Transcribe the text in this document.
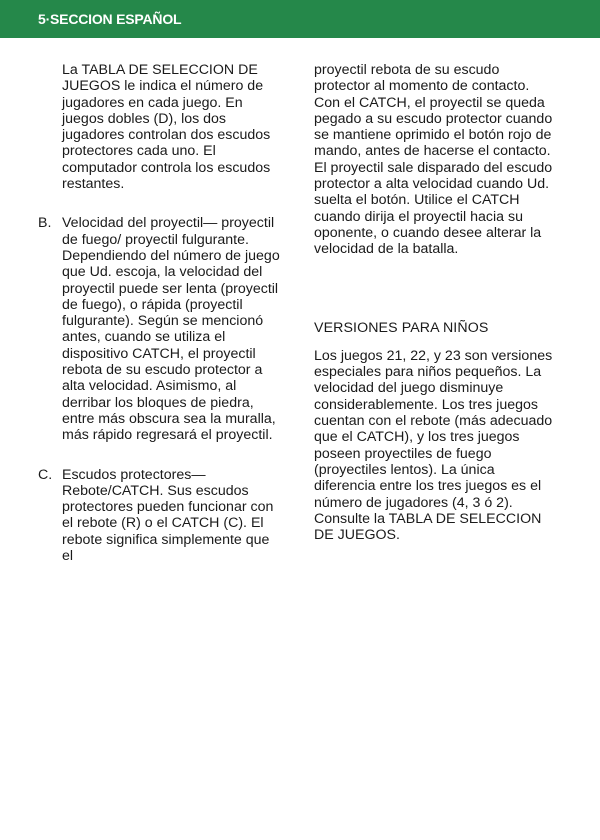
5·SECCION ESPAÑOL

La TABLA DE SELECCION DE JUEGOS le indica el número de jugadores en cada juego. En juegos dobles (D), los dos jugadores controlan dos escudos protectores cada uno. El computador controla los escudos restantes.

B. Velocidad del proyectil— proyectil de fuego/ proyectil fulgurante. Dependiendo del número de juego que Ud. escoja, la velocidad del proyectil puede ser lenta (proyectil de fuego), o rápida (proyectil fulgurante). Según se mencionó antes, cuando se utiliza el dispositivo CATCH, el proyectil rebota de su escudo protector a alta velocidad. Asimismo, al derribar los bloques de piedra, entre más obscura sea la muralla, más rápido regresará el proyectil.

C. Escudos protectores— Rebote/CATCH. Sus escudos protectores pueden funcionar con el rebote (R) o el CATCH (C). El rebote significa simplemente que el

proyectil rebota de su escudo protector al momento de contacto. Con el CATCH, el proyectil se queda pegado a su escudo protector cuando se mantiene oprimido el botón rojo de mando, antes de hacerse el contacto. El proyectil sale disparado del escudo protector a alta velocidad cuando Ud. suelta el botón. Utilice el CATCH cuando dirija el proyectil hacia su oponente, o cuando desee alterar la velocidad de la batalla.

VERSIONES PARA NIÑOS

Los juegos 21, 22, y 23 son versiones especiales para niños pequeños. La velocidad del juego disminuye considerablemente. Los tres juegos cuentan con el rebote (más adecuado que el CATCH), y los tres juegos poseen proyectiles de fuego (proyectiles lentos). La única diferencia entre los tres juegos es el número de jugadores (4, 3 ó 2). Consulte la TABLA DE SELECCION DE JUEGOS.
